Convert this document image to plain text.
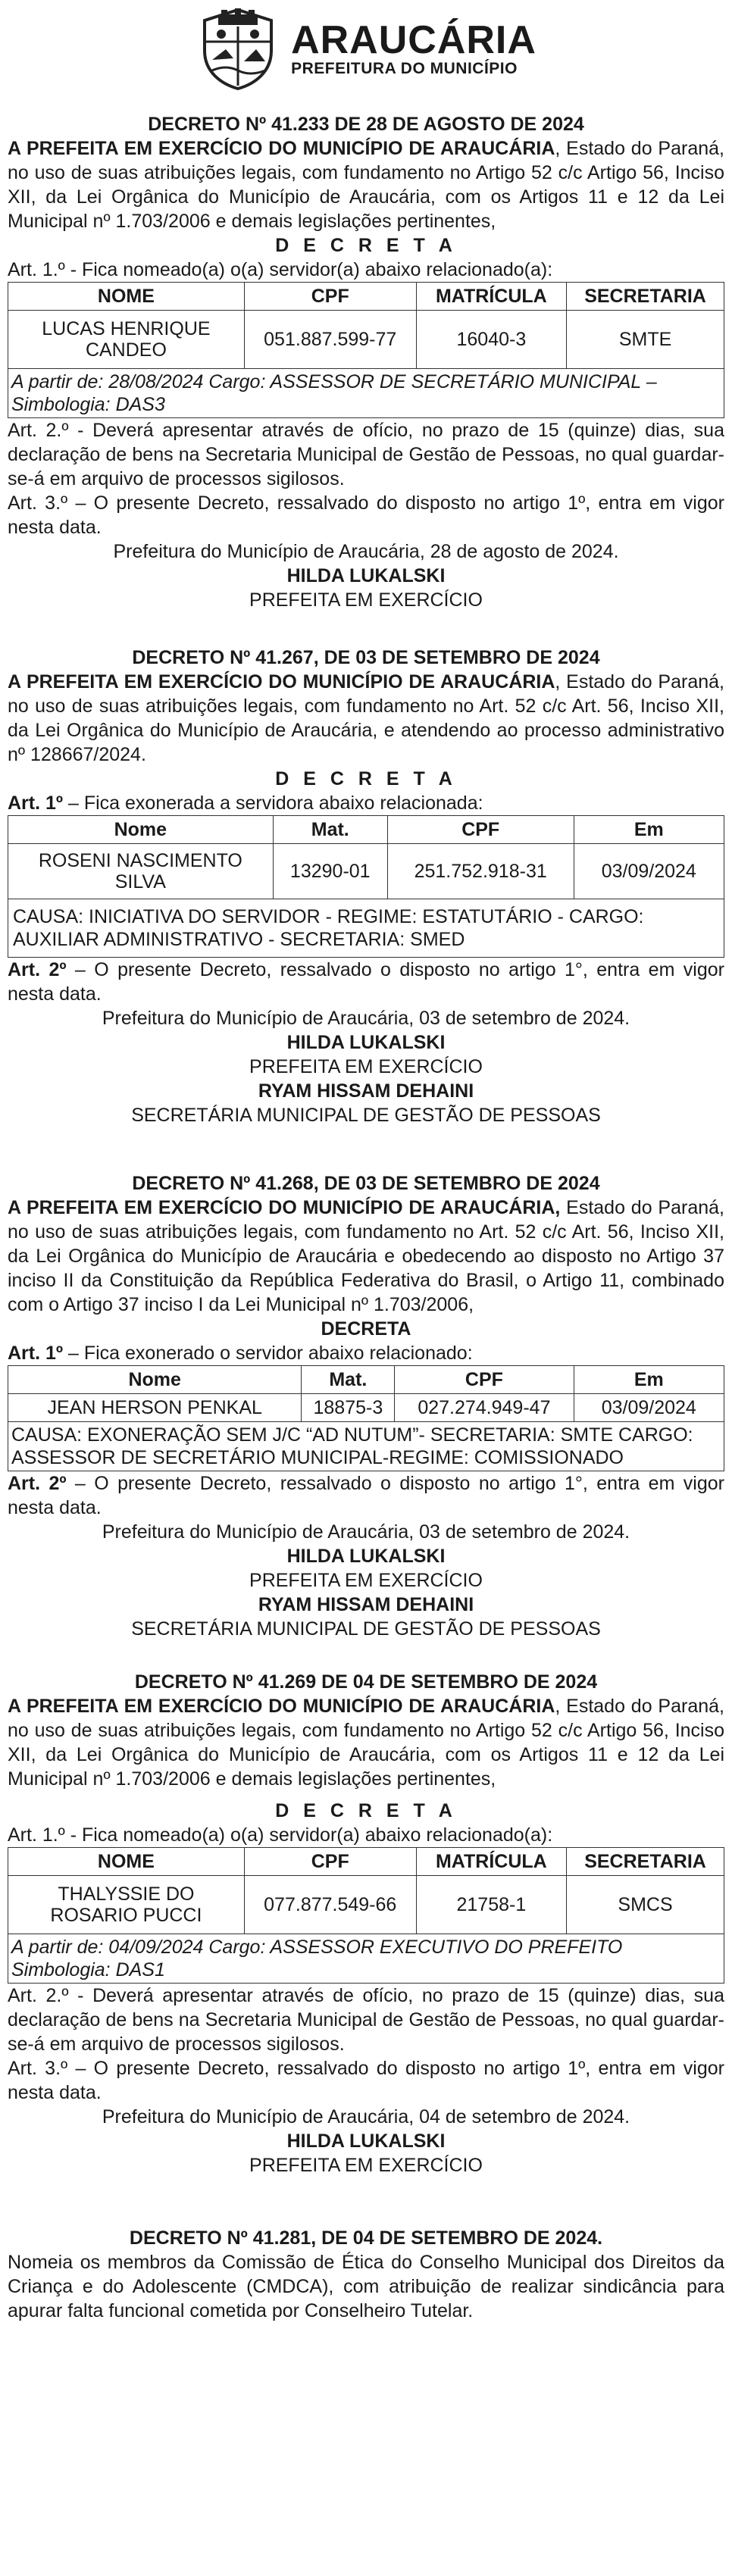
ARAUCÁRIA
PREFEITURA DO MUNICÍPIO

DECRETO Nº 41.233 DE 28 DE AGOSTO DE 2024

A PREFEITA EM EXERCÍCIO DO MUNICÍPIO DE ARAUCÁRIA, Estado do Paraná, no uso de suas atribuições legais, com fundamento no Artigo 52 c/c Artigo 56, Inciso XII, da Lei Orgânica do Município de Araucária, com os Artigos 11 e 12 da Lei Municipal nº 1.703/2006 e demais legislações pertinentes,

D E C R E T A

Art. 1.º - Fica nomeado(a) o(a) servidor(a) abaixo relacionado(a):

NOME	CPF	MATRÍCULA	SECRETARIA
LUCAS HENRIQUE CANDEO	051.887.599-77	16040-3	SMTE
A partir de: 28/08/2024 Cargo: ASSESSOR DE SECRETÁRIO MUNICIPAL – Simbologia: DAS3

Art. 2.º - Deverá apresentar através de ofício, no prazo de 15 (quinze) dias, sua declaração de bens na Secretaria Municipal de Gestão de Pessoas, no qual guardar-se-á em arquivo de processos sigilosos.

Art. 3.º – O presente Decreto, ressalvado do disposto no artigo 1º, entra em vigor nesta data.

Prefeitura do Município de Araucária, 28 de agosto de 2024.

HILDA LUKALSKI

PREFEITA EM EXERCÍCIO

DECRETO Nº 41.267, DE 03 DE SETEMBRO DE 2024

A PREFEITA EM EXERCÍCIO DO MUNICÍPIO DE ARAUCÁRIA, Estado do Paraná, no uso de suas atribuições legais, com fundamento no Art. 52 c/c Art. 56, Inciso XII, da Lei Orgânica do Município de Araucária, e atendendo ao processo administrativo nº 128667/2024.

D E C R E T A

Art. 1º – Fica exonerada a servidora abaixo relacionada:

Nome	Mat.	CPF	Em
ROSENI NASCIMENTO SILVA	13290-01	251.752.918-31	03/09/2024
CAUSA: INICIATIVA DO SERVIDOR - REGIME: ESTATUTÁRIO - CARGO: AUXILIAR ADMINISTRATIVO - SECRETARIA: SMED

Art. 2º – O presente Decreto, ressalvado o disposto no artigo 1°, entra em vigor nesta data.

Prefeitura do Município de Araucária, 03 de setembro de 2024.

HILDA LUKALSKI

PREFEITA EM EXERCÍCIO

RYAM HISSAM DEHAINI

SECRETÁRIA MUNICIPAL DE GESTÃO DE PESSOAS

DECRETO Nº 41.268, DE 03 DE SETEMBRO DE 2024

A PREFEITA EM EXERCÍCIO DO MUNICÍPIO DE ARAUCÁRIA, Estado do Paraná, no uso de suas atribuições legais, com fundamento no Art. 52 c/c Art. 56, Inciso XII, da Lei Orgânica do Município de Araucária e obedecendo ao disposto no Artigo 37 inciso II da Constituição da República Federativa do Brasil, o Artigo 11, combinado com o Artigo 37 inciso I da Lei Municipal nº 1.703/2006,

DECRETA

Art. 1º – Fica exonerado o servidor abaixo relacionado:

Nome	Mat.	CPF	Em
JEAN HERSON PENKAL	18875-3	027.274.949-47	03/09/2024
CAUSA: EXONERAÇÃO SEM J/C “AD NUTUM”- SECRETARIA: SMTE CARGO: ASSESSOR DE SECRETÁRIO MUNICIPAL-REGIME: COMISSIONADO

Art. 2º – O presente Decreto, ressalvado o disposto no artigo 1°, entra em vigor nesta data.

Prefeitura do Município de Araucária, 03 de setembro de 2024.

HILDA LUKALSKI

PREFEITA EM EXERCÍCIO

RYAM HISSAM DEHAINI

SECRETÁRIA MUNICIPAL DE GESTÃO DE PESSOAS

DECRETO Nº 41.269 DE 04 DE SETEMBRO DE 2024

A PREFEITA EM EXERCÍCIO DO MUNICÍPIO DE ARAUCÁRIA, Estado do Paraná, no uso de suas atribuições legais, com fundamento no Artigo 52 c/c Artigo 56, Inciso XII, da Lei Orgânica do Município de Araucária, com os Artigos 11 e 12 da Lei Municipal nº 1.703/2006 e demais legislações pertinentes,

D E C R E T A

Art. 1.º - Fica nomeado(a) o(a) servidor(a) abaixo relacionado(a):

NOME	CPF	MATRÍCULA	SECRETARIA
THALYSSIE DO ROSARIO PUCCI	077.877.549-66	21758-1	SMCS
A partir de: 04/09/2024 Cargo: ASSESSOR EXECUTIVO DO PREFEITO Simbologia: DAS1

Art. 2.º - Deverá apresentar através de ofício, no prazo de 15 (quinze) dias, sua declaração de bens na Secretaria Municipal de Gestão de Pessoas, no qual guardar-se-á em arquivo de processos sigilosos.

Art. 3.º – O presente Decreto, ressalvado do disposto no artigo 1º, entra em vigor nesta data.

Prefeitura do Município de Araucária, 04 de setembro de 2024.

HILDA LUKALSKI

PREFEITA EM EXERCÍCIO

DECRETO Nº 41.281, DE 04 DE SETEMBRO DE 2024.

Nomeia os membros da Comissão de Ética do Conselho Municipal dos Direitos da Criança e do Adolescente (CMDCA), com atribuição de realizar sindicância para apurar falta funcional cometida por Conselheiro Tutelar.
